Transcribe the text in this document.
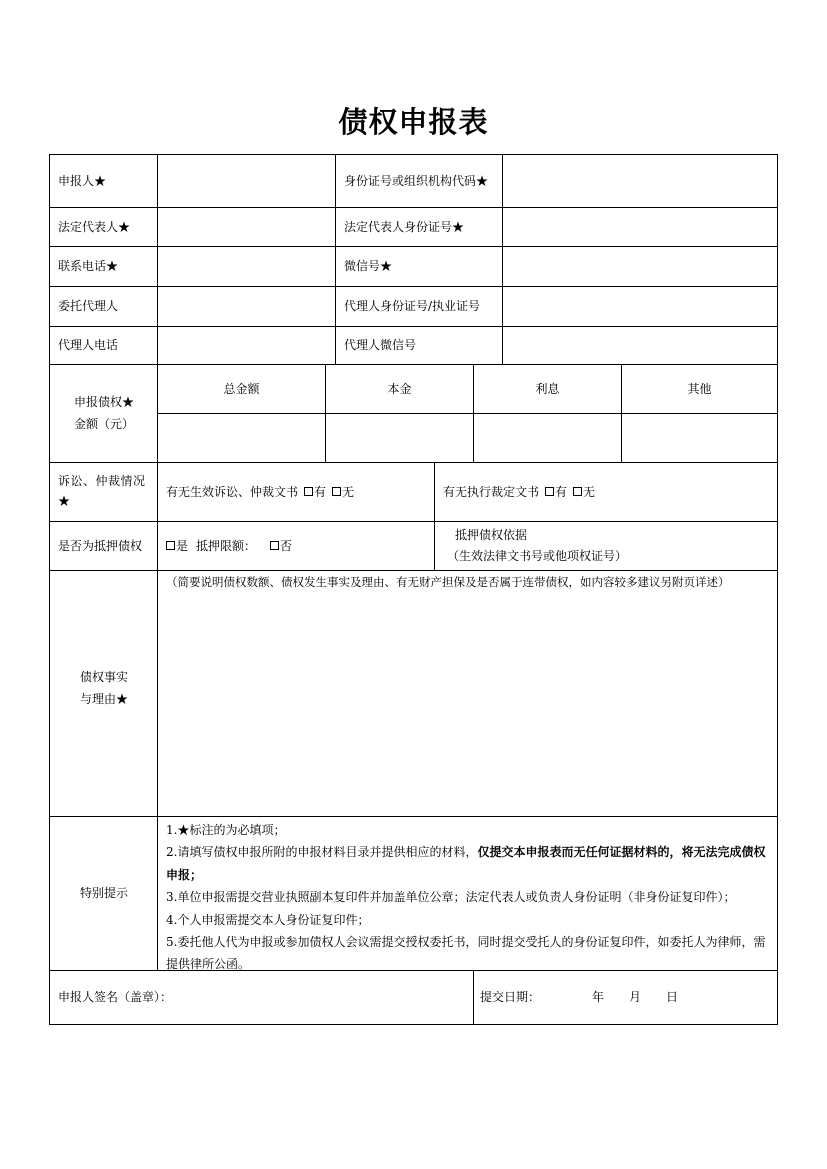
债权申报表
申报人★	身份证号或组织机构代码★
法定代表人★	法定代表人身份证号★
联系电话★	微信号★
委托代理人	代理人身份证号/执业证号
代理人电话	代理人微信号
申报债权★
金额（元）
总金额	本金	利息	其他
诉讼、仲裁情况★
有无生效诉讼、仲裁文书 有 无	有无执行裁定文书 有 无
是否为抵押债权	是 抵押限额： 否
抵押债权依据
（生效法律文书号或他项权证号）
债权事实
与理由★
（简要说明债权数额、债权发生事实及理由、有无财产担保及是否属于连带债权，如内容较多建议另附页详述）
特别提示
1.★标注的为必填项；
2.请填写债权申报所附的申报材料目录并提供相应的材料，仅提交本申报表而无任何证据材料的，将无法完成债权申报；
3.单位申报需提交营业执照副本复印件并加盖单位公章；法定代表人或负责人身份证明（非身份证复印件）；
4.个人申报需提交本人身份证复印件；
5.委托他人代为申报或参加债权人会议需提交授权委托书，同时提交受托人的身份证复印件，如委托人为律师，需提供律所公函。
申报人签名（盖章）：	提交日期：	年 月 日
